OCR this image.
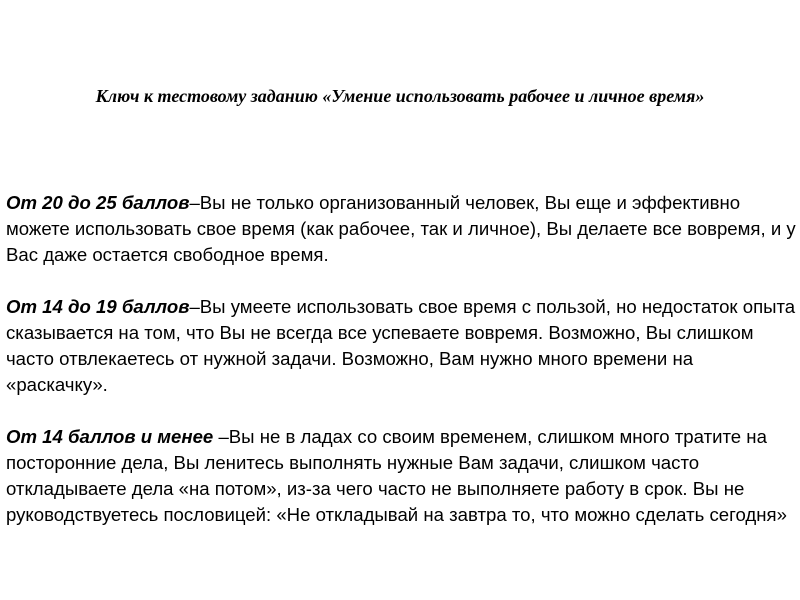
Ключ к тестовому заданию «Умение использовать рабочее и личное время»

От 20 до 25 баллов–Вы не только организованный человек, Вы еще и эффективно можете использовать свое время (как рабочее, так и личное), Вы делаете все вовремя, и у Вас даже остается свободное время.

От 14 до 19 баллов–Вы умеете использовать свое время с пользой, но недостаток опыта сказывается на том, что Вы не всегда все успеваете вовремя. Возможно, Вы слишком часто отвлекаетесь от нужной задачи. Возможно, Вам нужно много времени на «раскачку».

От 14 баллов и менее –Вы не в ладах со своим временем, слишком много тратите на посторонние дела, Вы ленитесь выполнять нужные Вам задачи, слишком часто откладываете дела «на потом», из-за чего часто не выполняете работу в срок. Вы не руководствуетесь пословицей: «Не откладывай на завтра то, что можно сделать сегодня»
